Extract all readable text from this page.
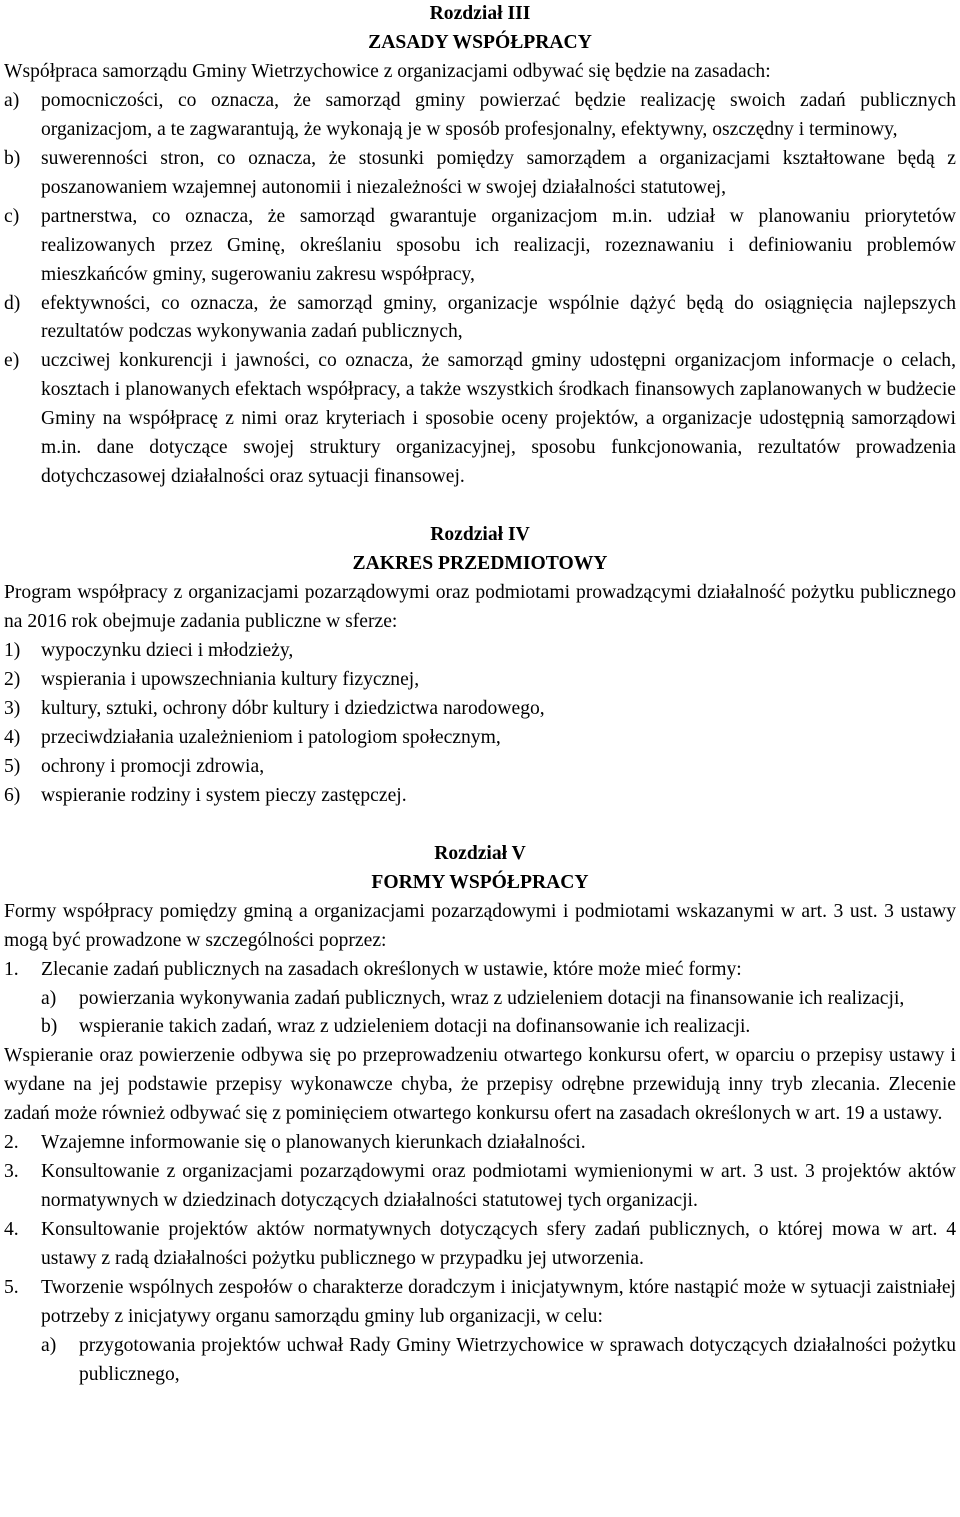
Rozdział III

ZASADY WSPÓŁPRACY

Współpraca samorządu Gminy Wietrzychowice z organizacjami odbywać się będzie na zasadach:

a)	pomocniczości, co oznacza, że samorząd gminy powierzać będzie realizację swoich zadań publicznych organizacjom, a te zagwarantują, że wykonają je w sposób profesjonalny, efektywny, oszczędny i terminowy,
b)	suwerenności stron, co oznacza, że stosunki pomiędzy samorządem a organizacjami kształtowane będą z poszanowaniem wzajemnej autonomii i niezależności w swojej działalności statutowej,
c)	partnerstwa, co oznacza, że samorząd gwarantuje organizacjom m.in. udział w planowaniu priorytetów realizowanych przez Gminę, określaniu sposobu ich realizacji, rozeznawaniu i definiowaniu problemów mieszkańców gminy, sugerowaniu zakresu współpracy,
d)	efektywności, co oznacza, że samorząd gminy, organizacje wspólnie dążyć będą do osiągnięcia najlepszych rezultatów podczas wykonywania zadań publicznych,
e)	uczciwej konkurencji i jawności, co oznacza, że samorząd gminy udostępni organizacjom informacje o celach, kosztach i planowanych efektach współpracy, a także wszystkich środkach finansowych zaplanowanych w budżecie Gminy na współpracę z nimi oraz kryteriach i sposobie oceny projektów, a organizacje udostępnią samorządowi m.in. dane dotyczące swojej struktury organizacyjnej, sposobu funkcjonowania, rezultatów prowadzenia dotychczasowej działalności oraz sytuacji finansowej.

Rozdział IV

ZAKRES PRZEDMIOTOWY

Program współpracy z organizacjami pozarządowymi oraz podmiotami prowadzącymi działalność pożytku publicznego na 2016 rok obejmuje zadania publiczne w sferze:

1)	wypoczynku dzieci i młodzieży,
2)	wspierania i upowszechniania kultury fizycznej,
3)	kultury, sztuki, ochrony dóbr kultury i dziedzictwa narodowego,
4)	przeciwdziałania uzależnieniom i patologiom społecznym,
5)	ochrony i promocji zdrowia,
6)	wspieranie rodziny i system pieczy zastępczej.

Rozdział V

FORMY WSPÓŁPRACY

Formy współpracy pomiędzy gminą a organizacjami pozarządowymi i podmiotami wskazanymi w art. 3 ust. 3 ustawy mogą być prowadzone w szczególności poprzez:

1.	Zlecanie zadań publicznych na zasadach określonych w ustawie, które może mieć formy:
a)	powierzania wykonywania zadań publicznych, wraz z udzieleniem dotacji na finansowanie ich realizacji,
b)	wspieranie takich zadań, wraz z udzieleniem dotacji na dofinansowanie ich realizacji.

Wspieranie oraz powierzenie odbywa się po przeprowadzeniu otwartego konkursu ofert, w oparciu o przepisy ustawy i wydane na jej podstawie przepisy wykonawcze chyba, że przepisy odrębne przewidują inny tryb zlecania. Zlecenie zadań może również odbywać się z pominięciem otwartego konkursu ofert na zasadach określonych w art. 19 a ustawy.

2.	Wzajemne informowanie się o planowanych kierunkach działalności.
3.	Konsultowanie z organizacjami pozarządowymi oraz podmiotami wymienionymi w art. 3 ust. 3 projektów aktów normatywnych w dziedzinach dotyczących działalności statutowej tych organizacji.
4.	Konsultowanie projektów aktów normatywnych dotyczących sfery zadań publicznych, o której mowa w art. 4 ustawy z radą działalności pożytku publicznego w przypadku jej utworzenia.
5.	Tworzenie wspólnych zespołów o charakterze doradczym i inicjatywnym, które nastąpić może w sytuacji zaistniałej potrzeby z inicjatywy organu samorządu gminy lub organizacji, w celu:
a)	przygotowania projektów uchwał Rady Gminy Wietrzychowice w sprawach dotyczących działalności pożytku publicznego,
